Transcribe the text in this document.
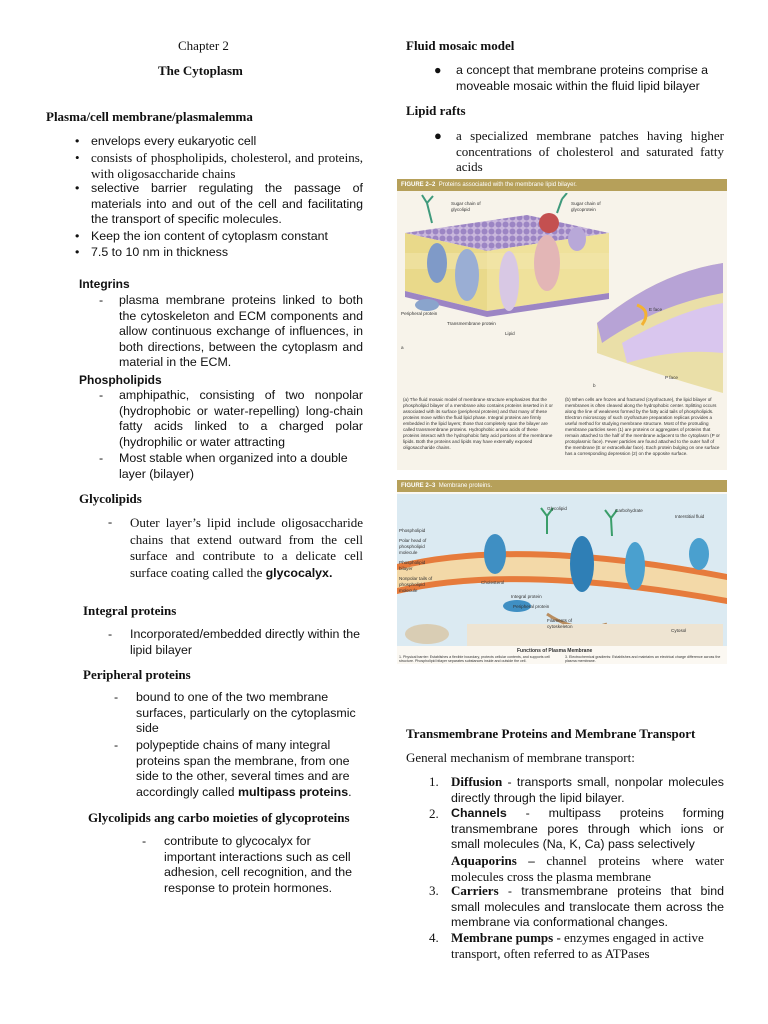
Chapter 2
The Cytoplasm
Plasma/cell membrane/plasmalemma
• envelops every eukaryotic cell
• consists of phospholipids, cholesterol, and proteins, with oligosaccharide chains
• selective barrier regulating the passage of materials into and out of the cell and facilitating the transport of specific molecules.
• Keep the ion content of cytoplasm constant
• 7.5 to 10 nm in thickness
Integrins
- plasma membrane proteins linked to both the cytoskeleton and ECM components and allow continuous exchange of influences, in both directions, between the cytoplasm and material in the ECM.
Phospholipids
- amphipathic, consisting of two nonpolar (hydrophobic or water-repelling) long-chain fatty acids linked to a charged polar (hydrophilic or water attracting
- Most stable when organized into a double layer (bilayer)
Glycolipids
- Outer layer’s lipid include oligosaccharide chains that extend outward from the cell surface and contribute to a delicate cell surface coating called the glycocalyx.
Integral proteins
- Incorporated/embedded directly within the lipid bilayer
Peripheral proteins
- bound to one of the two membrane surfaces, particularly on the cytoplasmic side
- polypeptide chains of many integral proteins span the membrane, from one side to the other, several times and are accordingly called multipass proteins.
Glycolipids ang carbo moieties of glycoproteins
- contribute to glycocalyx for important interactions such as cell adhesion, cell recognition, and the response to protein hormones.
Fluid mosaic model
● a concept that membrane proteins comprise a moveable mosaic within the fluid lipid bilayer
Lipid rafts
● a specialized membrane patches having higher concentrations of cholesterol and saturated fatty acids
FIGURE 2–2 Proteins associated with the membrane lipid bilayer.
Sugar chain of glycolipid
Sugar chain of glycoprotein
Peripheral protein
Transmembrane protein
Lipid
E face
P face
a
b
(a) The fluid mosaic model of membrane structure emphasizes that the phospholipid bilayer of a membrane also contains proteins inserted in it or associated with its surface (peripheral proteins) and that many of these proteins move within the fluid lipid phase. Integral proteins are firmly embedded in the lipid layers; those that completely span the bilayer are called transmembrane proteins. Hydrophobic amino acids of these proteins interact with the hydrophobic fatty acid portions of the membrane lipids. Both the proteins and lipids may have externally exposed oligosaccharide chains.
(b) When cells are frozen and fractured (cryofracture), the lipid bilayer of membranes is often cleaved along the hydrophobic center. Splitting occurs along the line of weakness formed by the fatty acid tails of phospholipids. Electron microscopy of such cryofracture preparation replicas provides a useful method for studying membrane structure. Most of the protruding membrane particles seen (1) are proteins or aggregates of proteins that remain attached to the half of the membrane adjacent to the cytoplasm (P or protoplasmic face). Fewer particles are found attached to the outer half of the membrane (E or extracellular face). Each protein bulging on one surface has a corresponding depression (2) on the opposite surface.
FIGURE 2–3 Membrane proteins.
Interstitial fluid
Phospholipid
Polar head of phospholipid molecule
Phospholipid bilayer
Nonpolar tails of phospholipid molecule
Glycolipid	Carbohydrate
Cholesterol
Integral protein
Peripheral protein
Filaments of cytoskeleton
Cytosol
Functions of Plasma Membrane
1. Physical barrier: Establishes a flexible boundary, protects cellular contents, and supports cell structure. Phospholipid bilayer separates substances inside and outside the cell.
3. Electrochemical gradients: Establishes and maintains an electrical charge difference across the plasma membrane.
Transmembrane Proteins and Membrane Transport
General mechanism of membrane transport:
1. Diffusion - transports small, nonpolar molecules directly through the lipid bilayer.
2. Channels - multipass proteins forming transmembrane pores through which ions or small molecules (Na, K, Ca) pass selectively
Aquaporins – channel proteins where water molecules cross the plasma membrane
3. Carriers - transmembrane proteins that bind small molecules and translocate them across the membrane via conformational changes.
4. Membrane pumps - enzymes engaged in active transport, often referred to as ATPases
